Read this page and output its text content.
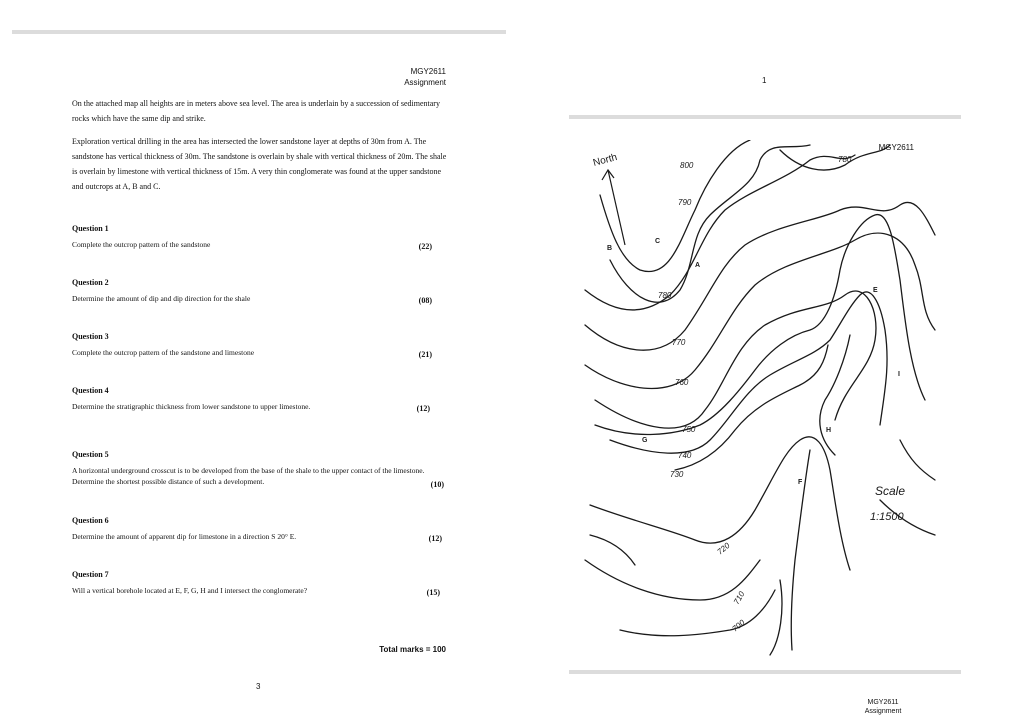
MGY2611
Assignment
On the attached map all heights are in meters above sea level. The area is underlain by a succession of sedimentary rocks which have the same dip and strike.
Exploration vertical drilling in the area has intersected the lower sandstone layer at depths of 30m from A. The sandstone has vertical thickness of 30m. The sandstone is overlain by shale with vertical thickness of 20m. The shale is overlain by limestone with vertical thickness of 15m. A very thin conglomerate was found at the upper sandstone and outcrops at A, B and C.
Question 1
Complete the outcrop pattern of the sandstone	(22)
Question 2
Determine the amount of dip and dip direction for the shale	(08)
Question 3
Complete the outcrop pattern of the sandstone and limestone	(21)
Question 4
Determine the stratigraphic thickness from lower sandstone to upper limestone.	(12)
Question 5
A horizontal underground crosscut is to be developed from the base of the shale to the upper contact of the limestone. Determine the shortest possible distance of such a development.	(10)
Question 6
Determine the amount of apparent dip for limestone in a direction S 20° E.	(12)
Question 7
Will a vertical borehole located at E, F, G, H and I intersect the conglomerate?	(15)
Total marks = 100
3
1
MGY2611
North	800
790
780
770
760
750
740
730
720
710
700
780
A
B
C
E
F
G
H
I
Scale
1:1500
MGY2611
Assignment
